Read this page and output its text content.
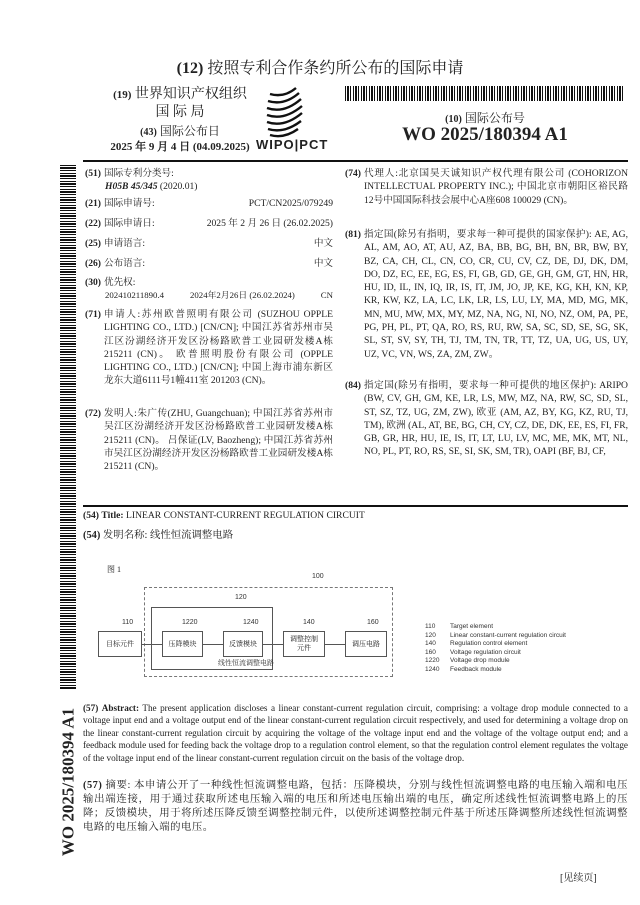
(12) 按照专利合作条约所公布的国际申请
(19) 世界知识产权组织
国 际 局
(43) 国际公布日
2025 年 9 月 4 日 (04.09.2025) WIPO|PCT
(10) 国际公布号
WO 2025/180394 A1
WO 2025/180394 A1
(51) 国际专利分类号:
H05B 45/345 (2020.01)
(21) 国际申请号:	PCT/CN2025/079249
(22) 国际申请日:	2025 年 2 月 26 日 (26.02.2025)
(25) 申请语言:	中文
(26) 公布语言:	中文
(30) 优先权:
202410211890.4	2024年2月26日 (26.02.2024)	CN
(71) 申请人:苏州欧普照明有限公司 (SUZHOU OPPLE LIGHTING CO., LTD.) [CN/CN]; 中国江苏省苏州市吴江区汾湖经济开发区汾杨路欧普工业园研发楼A栋 215211 (CN)。 欧普照明股份有限公司 (OPPLE LIGHTING CO., LTD.) [CN/CN]; 中国上海市浦东新区龙东大道6111号1幢411室 201203 (CN)。
(72) 发明人:朱广传(ZHU, Guangchuan); 中国江苏省苏州市吴江区汾湖经济开发区汾杨路欧普工业园研发楼A栋 215211 (CN)。 吕保证(LV, Baozheng); 中国江苏省苏州市吴江区汾湖经济开发区汾杨路欧普工业园研发楼A栋 215211 (CN)。
(74) 代理人:北京国昊天诚知识产权代理有限公司 (COHORIZON INTELLECTUAL PROPERTY INC.); 中国北京市朝阳区裕民路12号中国国际科技会展中心A座608 100029 (CN)。
(81) 指定国(除另有指明，要求每一种可提供的国家保护): AE, AG, AL, AM, AO, AT, AU, AZ, BA, BB, BG, BH, BN, BR, BW, BY, BZ, CA, CH, CL, CN, CO, CR, CU, CV, CZ, DE, DJ, DK, DM, DO, DZ, EC, EE, EG, ES, FI, GB, GD, GE, GH, GM, GT, HN, HR, HU, ID, IL, IN, IQ, IR, IS, IT, JM, JO, JP, KE, KG, KH, KN, KP, KR, KW, KZ, LA, LC, LK, LR, LS, LU, LY, MA, MD, MG, MK, MN, MU, MW, MX, MY, MZ, NA, NG, NI, NO, NZ, OM, PA, PE, PG, PH, PL, PT, QA, RO, RS, RU, RW, SA, SC, SD, SE, SG, SK, SL, ST, SV, SY, TH, TJ, TM, TN, TR, TT, TZ, UA, UG, US, UY, UZ, VC, VN, WS, ZA, ZM, ZW。
(84) 指定国(除另有指明，要求每一种可提供的地区保护): ARIPO (BW, CV, GH, GM, KE, LR, LS, MW, MZ, NA, RW, SC, SD, SL, ST, SZ, TZ, UG, ZM, ZW), 欧亚 (AM, AZ, BY, KG, KZ, RU, TJ, TM), 欧洲 (AL, AT, BE, BG, CH, CY, CZ, DE, DK, EE, ES, FI, FR, GB, GR, HR, HU, IE, IS, IT, LT, LU, LV, MC, ME, MK, MT, NL, NO, PL, PT, RO, RS, SE, SI, SK, SM, TR), OAPI (BF, BJ, CF,
(54) Title: LINEAR CONSTANT-CURRENT REGULATION CIRCUIT
(54) 发明名称: 线性恒流调整电路
图 1
目标元件	压降模块	反馈模块
调整控制元件
调压电路
线性恒流调整电路
100
120
110	1220	1240	140	160
110	Target element
120	Linear constant-current regulation circuit
140	Regulation control element
160	Voltage regulation circuit
1220	Voltage drop module
1240	Feedback module
(57) Abstract: The present application discloses a linear constant-current regulation circuit, comprising: a voltage drop module connected to a voltage input end and a voltage output end of the linear constant-current regulation circuit respectively, and used for determining a voltage drop on the linear constant-current regulation circuit by acquiring the voltage of the voltage input end and the voltage of the voltage output end; and a feedback module used for feeding back the voltage drop to a regulation control element, so that the regulation control element regulates the voltage of the voltage input end of the linear constant-current regulation circuit on the basis of the voltage drop.
(57) 摘要: 本申请公开了一种线性恒流调整电路，包括：压降模块，分别与线性恒流调整电路的电压输入端和电压输出端连接，用于通过获取所述电压输入端的电压和所述电压输出端的电压，确定所述线性恒流调整电路上的压降；反馈模块，用于将所述压降反馈至调整控制元件，以使所述调整控制元件基于所述压降调整所述线性恒流调整电路的电压输入端的电压。
[见续页]
